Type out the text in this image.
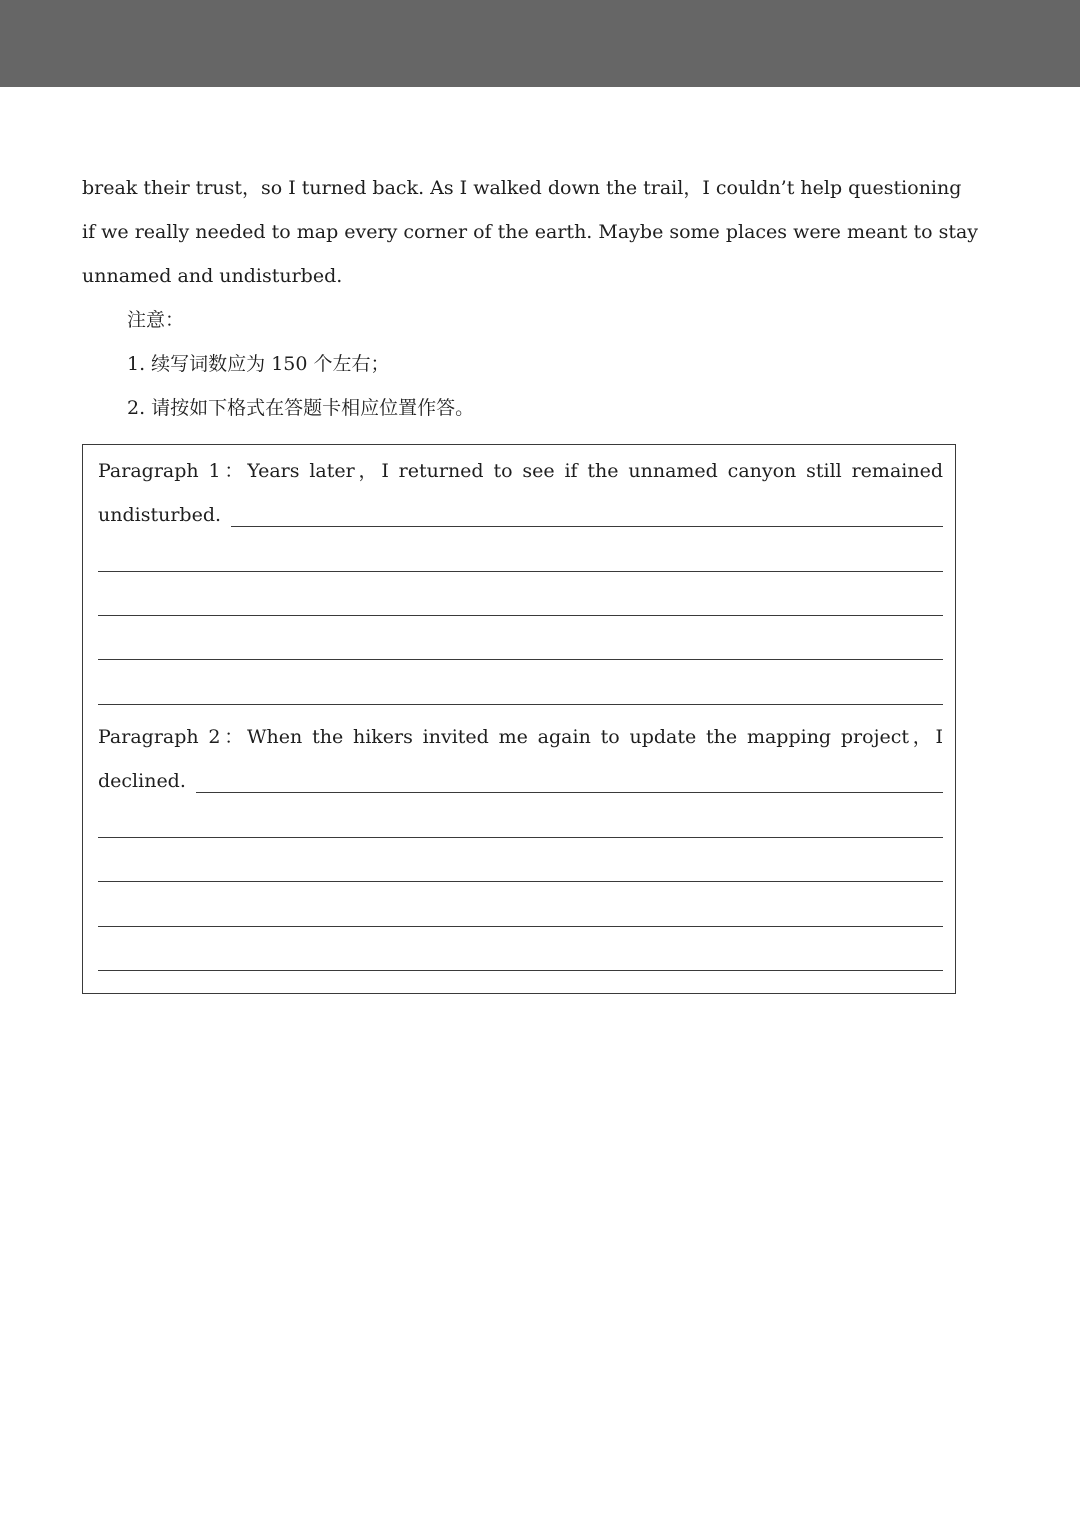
break their trust，so I turned back. As I walked down the trail，I couldn’t help questioning
if we really needed to map every corner of the earth. Maybe some places were meant to stay
unnamed and undisturbed.
注意：
1. 续写词数应为 150 个左右；
2. 请按如下格式在答题卡相应位置作答。
Paragraph 1：Years later，I returned to see if the unnamed canyon still remained
undisturbed.
Paragraph 2：When the hikers invited me again to update the mapping project，I
declined.
